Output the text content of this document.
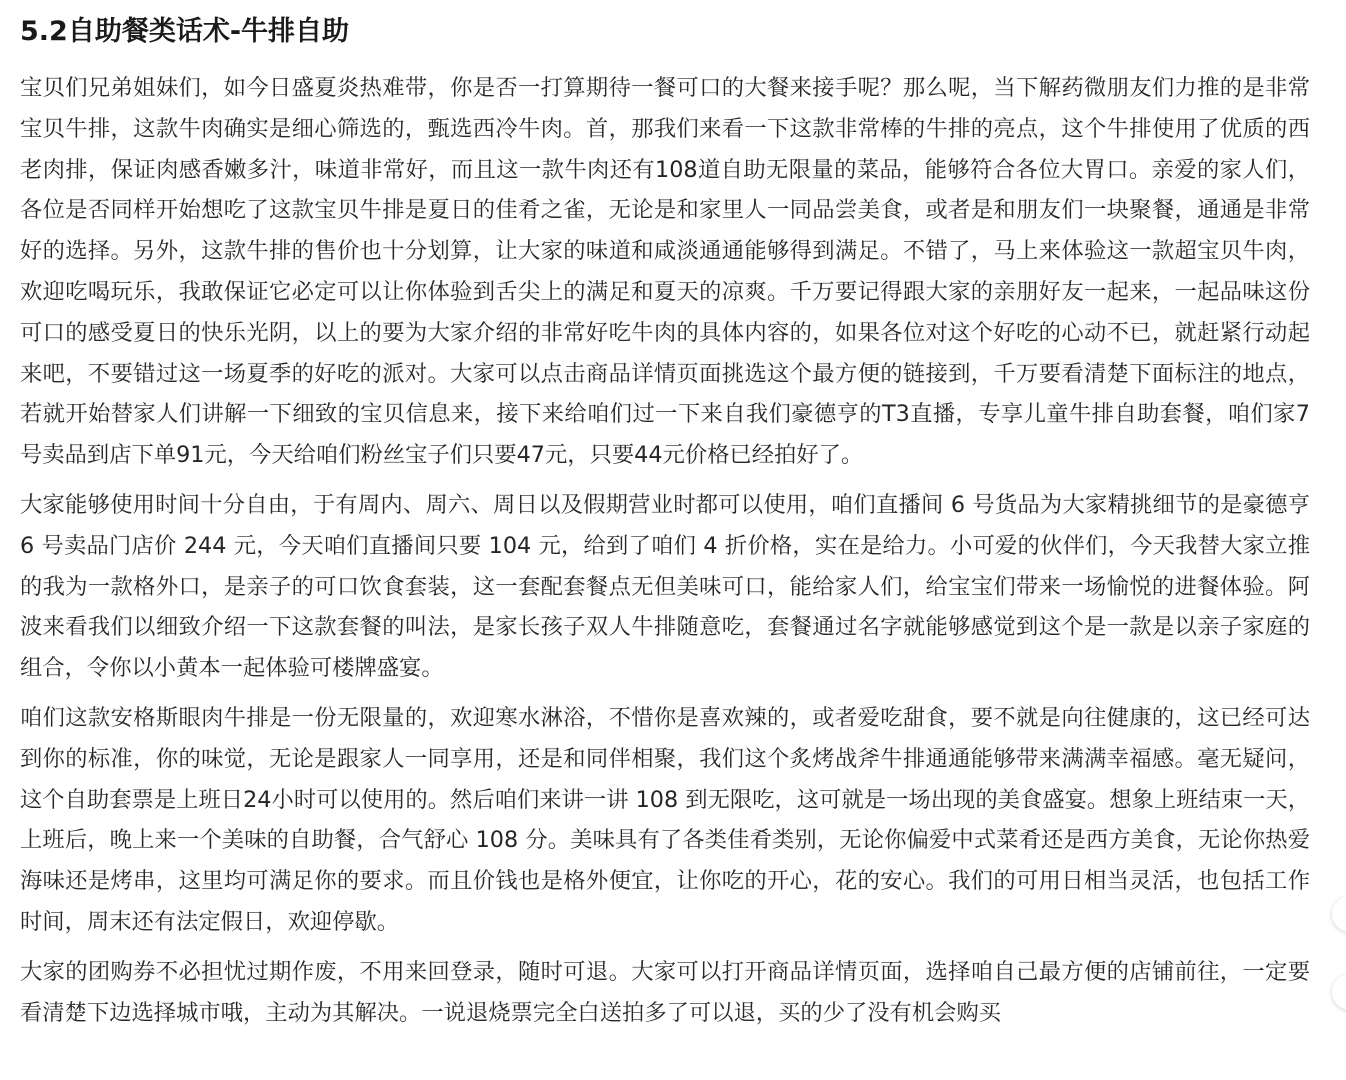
5.2自助餐类话术-牛排自助

宝贝们兄弟姐妹们，如今日盛夏炎热难带，你是否一打算期待一餐可口的大餐来接手呢？那么呢，当下解药微朋友们力推的是非常宝贝牛排，这款牛肉确实是细心筛选的，甄选西冷牛肉。首，那我们来看一下这款非常棒的牛排的亮点，这个牛排使用了优质的西老肉排，保证肉感香嫩多汁，味道非常好，而且这一款牛肉还有108道自助无限量的菜品，能够符合各位大胃口。亲爱的家人们，各位是否同样开始想吃了这款宝贝牛排是夏日的佳肴之雀，无论是和家里人一同品尝美食，或者是和朋友们一块聚餐，通通是非常好的选择。另外，这款牛排的售价也十分划算，让大家的味道和咸淡通通能够得到满足。不错了，马上来体验这一款超宝贝牛肉，欢迎吃喝玩乐，我敢保证它必定可以让你体验到舌尖上的满足和夏天的凉爽。千万要记得跟大家的亲朋好友一起来，一起品味这份可口的感受夏日的快乐光阴，以上的要为大家介绍的非常好吃牛肉的具体内容的，如果各位对这个好吃的心动不已，就赶紧行动起来吧，不要错过这一场夏季的好吃的派对。大家可以点击商品详情页面挑选这个最方便的链接到，千万要看清楚下面标注的地点，若就开始替家人们讲解一下细致的宝贝信息来，接下来给咱们过一下来自我们豪德亨的T3直播，专享儿童牛排自助套餐，咱们家7号卖品到店下单91元，今天给咱们粉丝宝子们只要47元，只要44元价格已经拍好了。

大家能够使用时间十分自由，于有周内、周六、周日以及假期营业时都可以使用，咱们直播间 6 号货品为大家精挑细节的是豪德亨 6 号卖品门店价 244 元，今天咱们直播间只要 104 元，给到了咱们 4 折价格，实在是给力。小可爱的伙伴们，今天我替大家立推的我为一款格外口，是亲子的可口饮食套装，这一套配套餐点无但美味可口，能给家人们，给宝宝们带来一场愉悦的进餐体验。阿波来看我们以细致介绍一下这款套餐的叫法，是家长孩子双人牛排随意吃，套餐通过名字就能够感觉到这个是一款是以亲子家庭的组合，令你以小黄本一起体验可楼牌盛宴。

咱们这款安格斯眼肉牛排是一份无限量的，欢迎寒水淋浴，不惜你是喜欢辣的，或者爱吃甜食，要不就是向往健康的，这已经可达到你的标准，你的味觉，无论是跟家人一同享用，还是和同伴相聚，我们这个炙烤战斧牛排通通能够带来满满幸福感。毫无疑问，这个自助套票是上班日24小时可以使用的。然后咱们来讲一讲 108 到无限吃，这可就是一场出现的美食盛宴。想象上班结束一天，上班后，晚上来一个美味的自助餐，合气舒心 108 分。美味具有了各类佳肴类别，无论你偏爱中式菜肴还是西方美食，无论你热爱海味还是烤串，这里均可满足你的要求。而且价钱也是格外便宜，让你吃的开心，花的安心。我们的可用日相当灵活，也包括工作时间，周末还有法定假日，欢迎停歇。

大家的团购券不必担忧过期作废，不用来回登录，随时可退。大家可以打开商品详情页面，选择咱自己最方便的店铺前往，一定要看清楚下边选择城市哦，主动为其解决。一说退烧票完全白送拍多了可以退，买的少了没有机会购买
